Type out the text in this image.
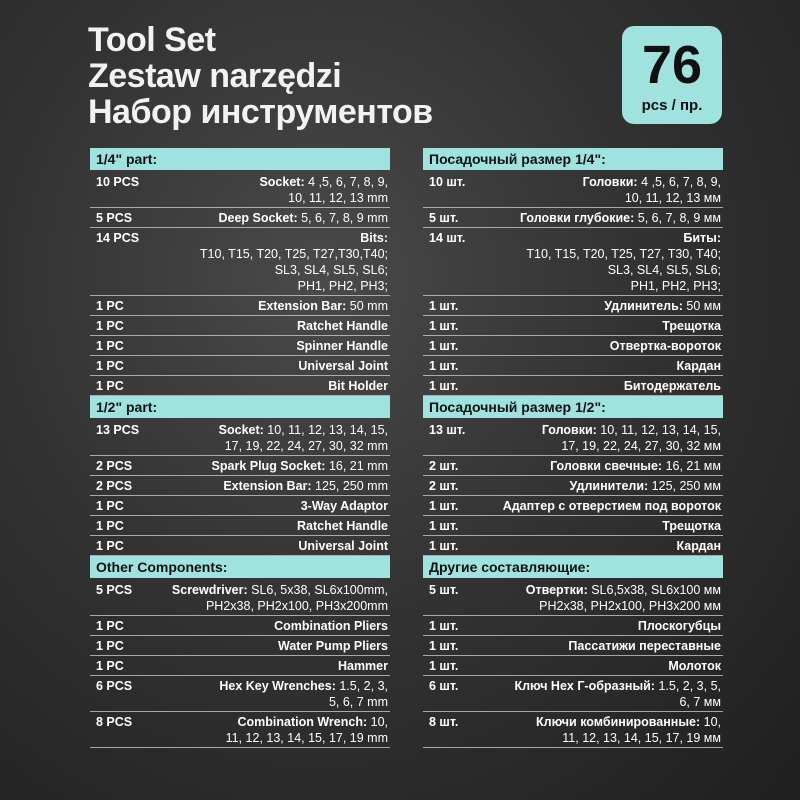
Tool Set
Zestaw narzędzi
Набор инструментов
76
pcs / пр.
1/4" part:
10 PCS	Socket: 4 ,5, 6, 7, 8, 9,
10, 11, 12, 13 mm
5 PCS	Deep Socket: 5, 6, 7, 8, 9 mm
14 PCS	Bits:
T10, T15, T20, T25, T27,T30,T40;
SL3, SL4, SL5, SL6;
PH1, PH2, PH3;
1 PC	Extension Bar: 50 mm
1 PC	Ratchet Handle
1 PC	Spinner Handle
1 PC	Universal Joint
1 PC	Bit Holder
1/2" part:
13 PCS	Socket: 10, 11, 12, 13, 14, 15,
17, 19, 22, 24, 27, 30, 32 mm
2 PCS	Spark Plug Socket: 16, 21 mm
2 PCS	Extension Bar: 125, 250 mm
1 PC	3-Way Adaptor
1 PC	Ratchet Handle
1 PC	Universal Joint
Other Components:
5 PCS	Screwdriver: SL6, 5x38, SL6x100mm,
PH2x38, PH2x100, PH3x200mm
1 PC	Combination Pliers
1 PC	Water Pump Pliers
1 PC	Hammer
6 PCS	Hex Key Wrenches: 1.5, 2, 3,
5, 6, 7 mm
8 PCS	Combination Wrench: 10,
11, 12, 13, 14, 15, 17, 19 mm
Посадочный размер 1/4":
10 шт.	Головки: 4 ,5, 6, 7, 8, 9,
10, 11, 12, 13 мм
5 шт.	Головки глубокие: 5, 6, 7, 8, 9 мм
14 шт.	Биты:
T10, T15, T20, T25, T27, T30, T40;
SL3, SL4, SL5, SL6;
PH1, PH2, PH3;
1 шт.	Удлинитель: 50 мм
1 шт.	Трещотка
1 шт.	Отвертка-вороток
1 шт.	Кардан
1 шт.	Битодержатель
Посадочный размер 1/2":
13 шт.	Головки: 10, 11, 12, 13, 14, 15,
17, 19, 22, 24, 27, 30, 32 мм
2 шт.	Головки свечные: 16, 21 мм
2 шт.	Удлинители: 125, 250 мм
1 шт.	Адаптер с отверстием под вороток
1 шт.	Трещотка
1 шт.	Кардан
Другие составляющие:
5 шт.	Отвертки: SL6,5x38, SL6x100 мм
PH2x38, PH2x100, PH3x200 мм
1 шт.	Плоскогубцы
1 шт.	Пассатижи переставные
1 шт.	Молоток
6 шт.	Ключ Hex Г-образный: 1.5, 2, 3, 5,
6, 7 мм
8 шт.	Ключи комбинированные: 10,
11, 12, 13, 14, 15, 17, 19 мм
